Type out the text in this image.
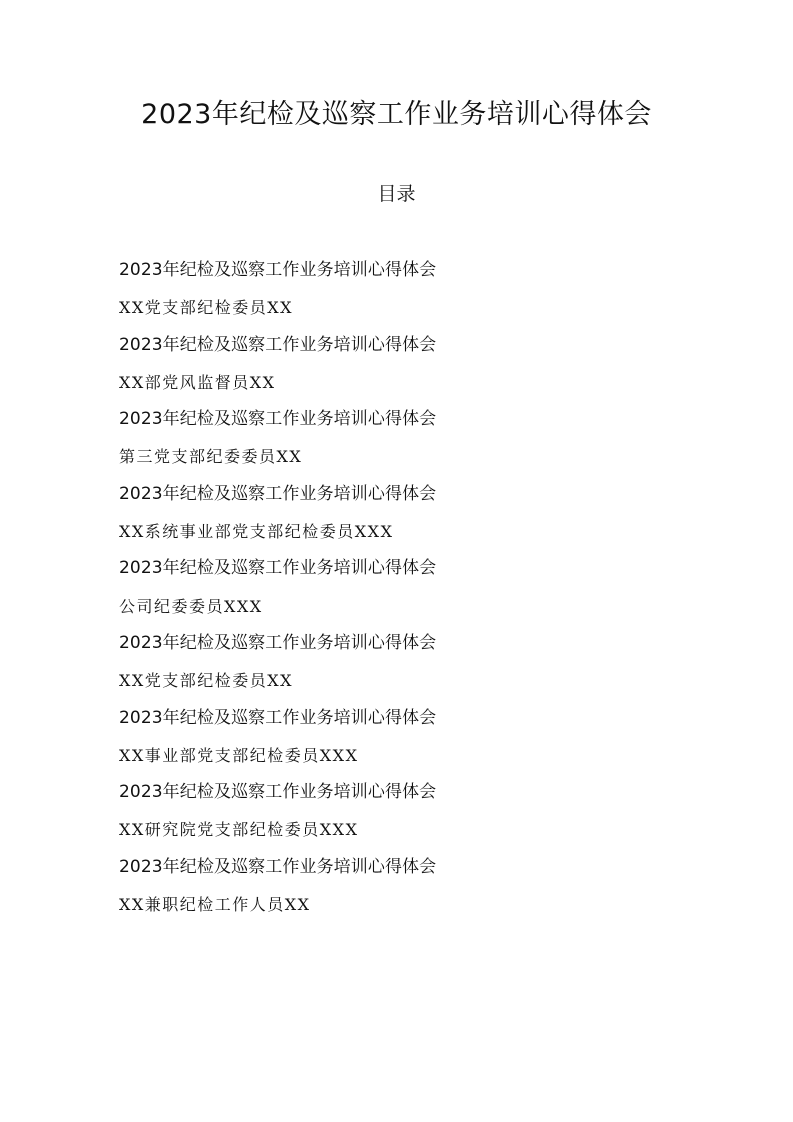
2023年纪检及巡察工作业务培训心得体会
目录
2023年纪检及巡察工作业务培训心得体会
XX党支部纪检委员XX
2023年纪检及巡察工作业务培训心得体会
XX部党风监督员XX
2023年纪检及巡察工作业务培训心得体会
第三党支部纪委委员XX
2023年纪检及巡察工作业务培训心得体会
XX系统事业部党支部纪检委员XXX
2023年纪检及巡察工作业务培训心得体会
公司纪委委员XXX
2023年纪检及巡察工作业务培训心得体会
XX党支部纪检委员XX
2023年纪检及巡察工作业务培训心得体会
XX事业部党支部纪检委员XXX
2023年纪检及巡察工作业务培训心得体会
XX研究院党支部纪检委员XXX
2023年纪检及巡察工作业务培训心得体会
XX兼职纪检工作人员XX
